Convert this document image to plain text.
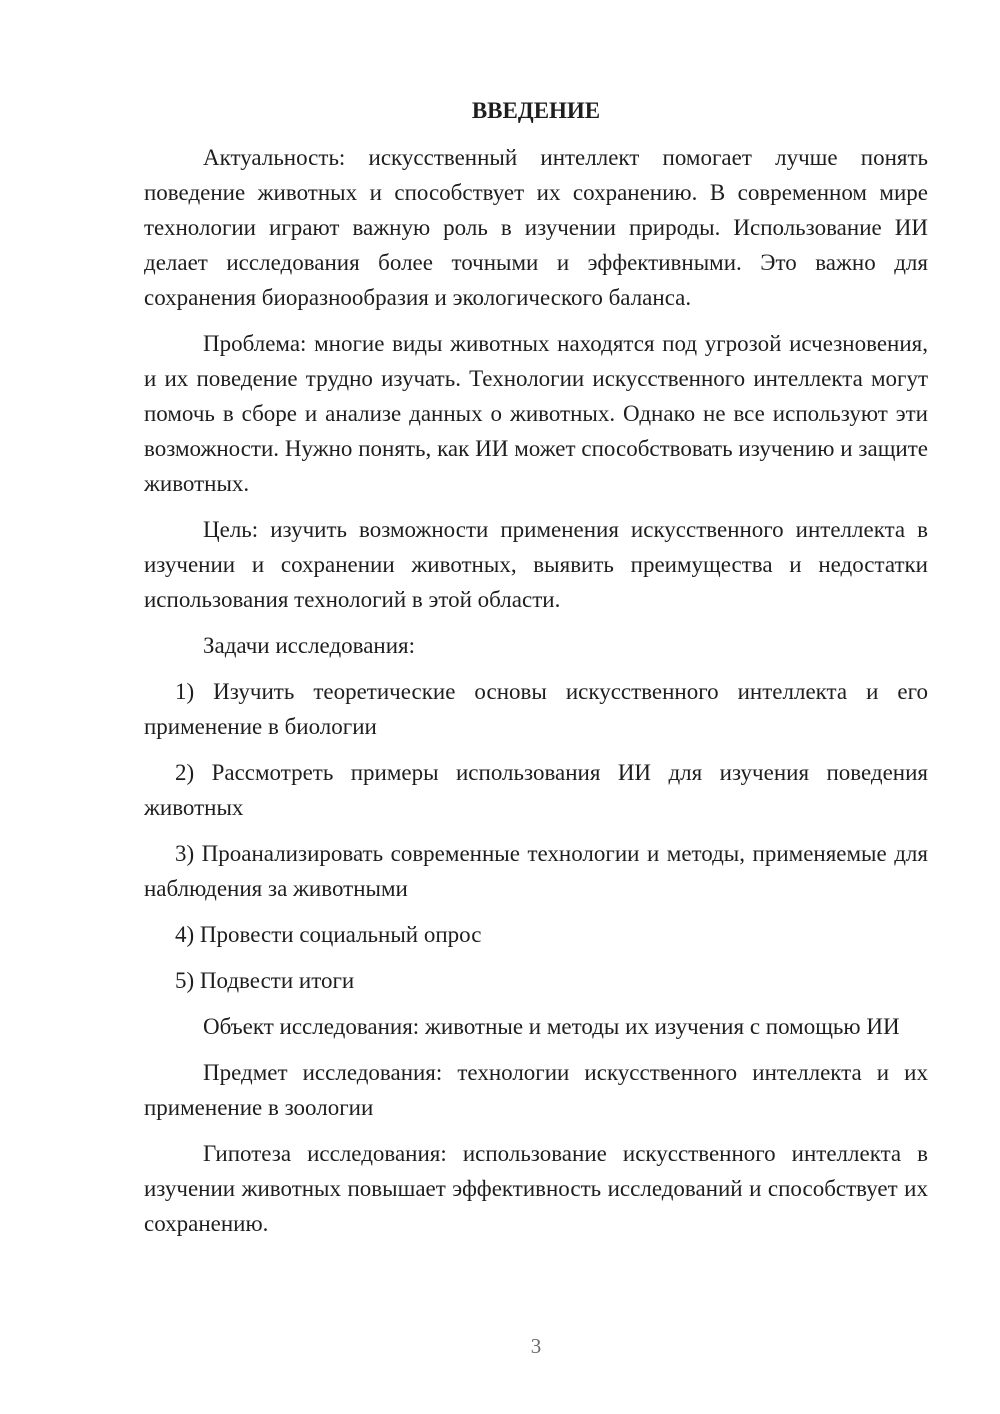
ВВЕДЕНИЕ

Актуальность: искусственный интеллект помогает лучше понять поведение животных и способствует их сохранению. В современном мире технологии играют важную роль в изучении природы. Использование ИИ делает исследования более точными и эффективными. Это важно для сохранения биоразнообразия и экологического баланса.

Проблема: многие виды животных находятся под угрозой исчезновения, и их поведение трудно изучать. Технологии искусственного интеллекта могут помочь в сборе и анализе данных о животных. Однако не все используют эти возможности. Нужно понять, как ИИ может способствовать изучению и защите животных.

Цель: изучить возможности применения искусственного интеллекта в изучении и сохранении животных, выявить преимущества и недостатки использования технологий в этой области.

Задачи исследования:

1) Изучить теоретические основы искусственного интеллекта и его применение в биологии

2) Рассмотреть примеры использования ИИ для изучения поведения животных

3) Проанализировать современные технологии и методы, применяемые для наблюдения за животными

4) Провести социальный опрос

5) Подвести итоги

Объект исследования: животные и методы их изучения с помощью ИИ

Предмет исследования: технологии искусственного интеллекта и их применение в зоологии

Гипотеза исследования: использование искусственного интеллекта в изучении животных повышает эффективность исследований и способствует их сохранению.

3
